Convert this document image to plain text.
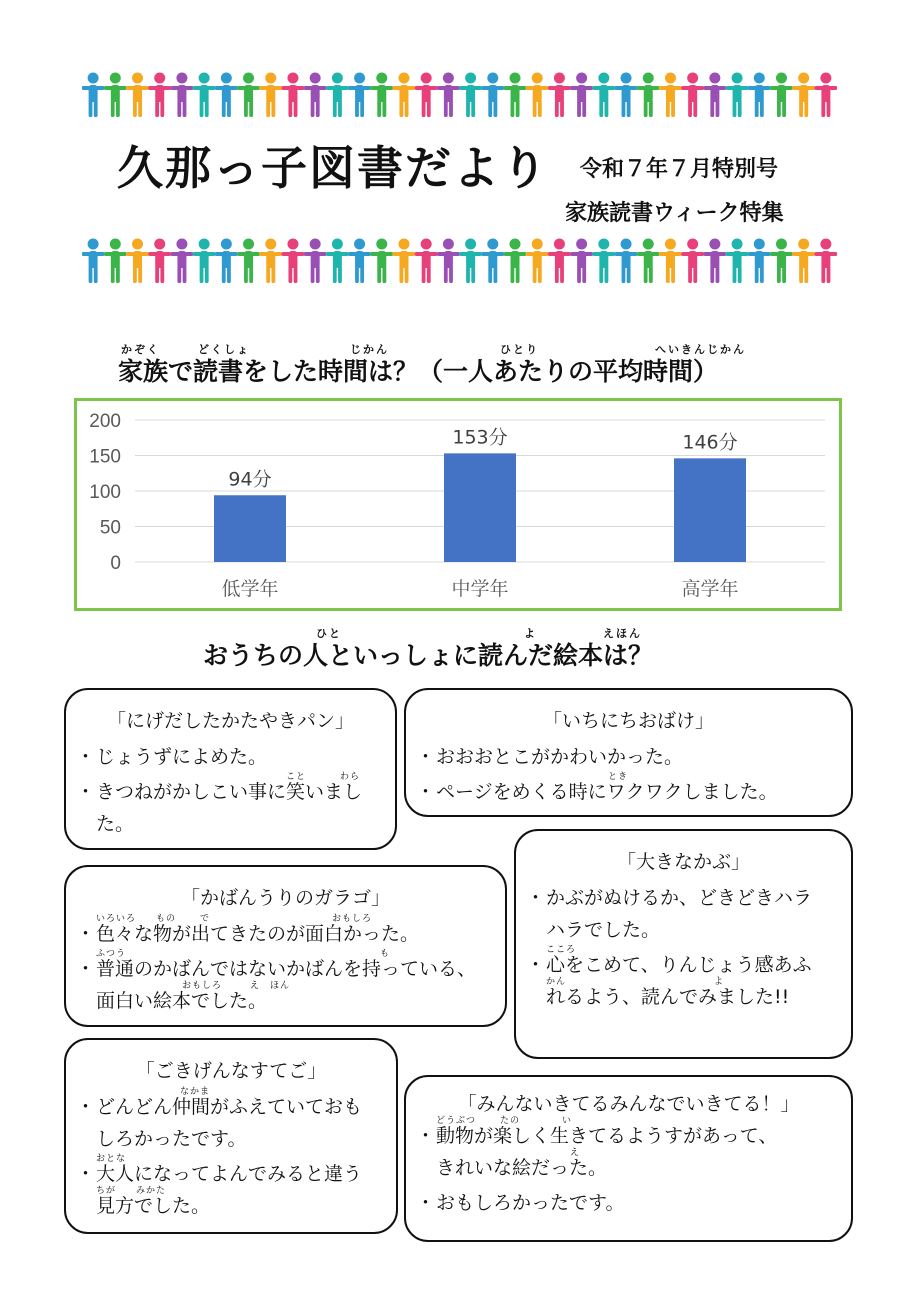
久那っ子図書だより 令和７年７月特別号
家族読書ウィーク特集
かぞく	どくしょ	じかん	ひとり	へいきんじかん
家族で読書をした時間は？（一人あたりの平均時間）
0
50
100
150
200
94分
低学年
153分
中学年
146分
高学年
ひと	よ	えほん
おうちの人といっしょに読んだ絵本は？
「にげだしたかたやきパン」
・ じょうずによめた。
・ きつねがかしこい事に笑いました。
こと	わら
「いちにちおばけ」
・ おおおとこがかわいかった。
・ ページをめくる時にワクワクしました。
とき
「大きなかぶ」
・ かぶがぬけるか、どきどきハラハラでした。
・ 心をこめて、りんじょう感あふれるよう、読んでみました!!
こころ
かん	よ
「かばんうりのガラゴ」
・ 色々な物が出てきたのが面白かった。
いろいろ もの	で	おもしろ
・ 普通のかばんではないかばんを持っている、面白い絵本でした。
ふつう	も
おもしろ	え ほん
「ごきげんなすてご」
・ どんどん仲間がふえていておもしろかったです。
なかま
・ 大人になってよんでみると違う見方でした。
おとな
ちが みかた
「みんないきてるみんなでいきてる！」
・ 動物が楽しく生きてるようすがあって、きれいな絵だった。
どうぶつ	たの	い
え
・ おもしろかったです。
